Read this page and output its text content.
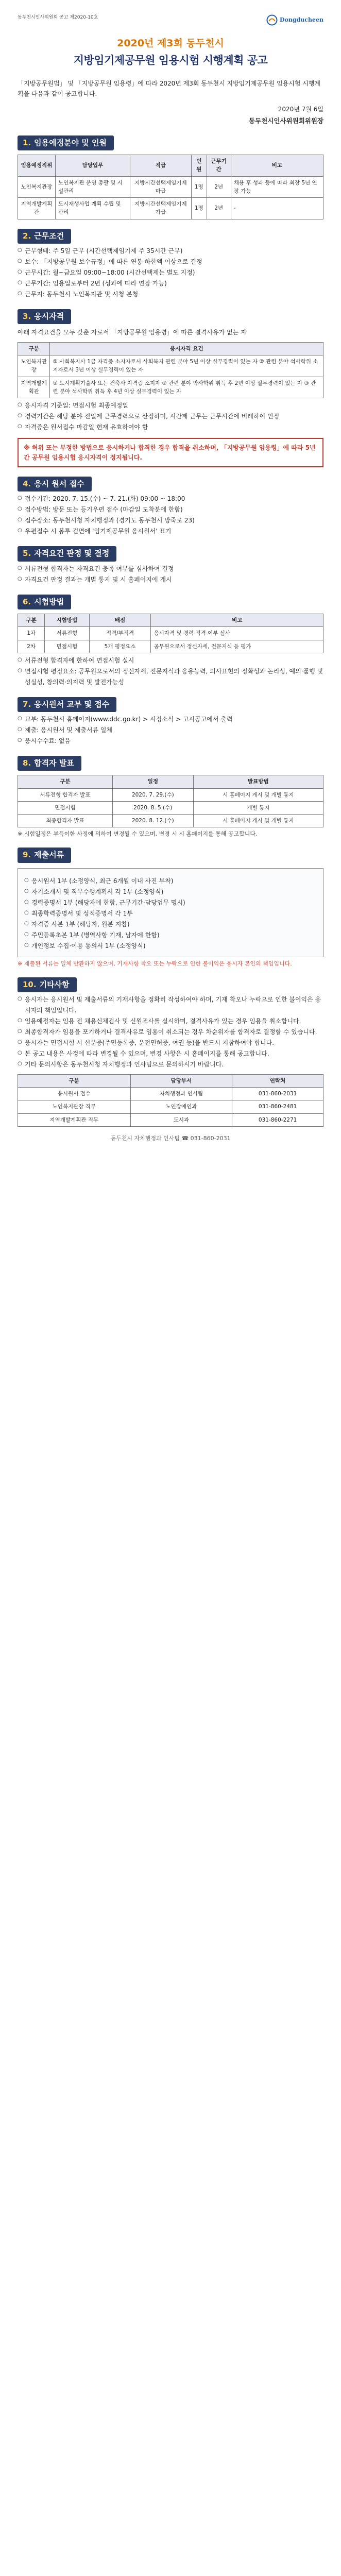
동두천시인사위원회 공고 제2020-10호	Dongducheen
2020년 제3회 동두천시
지방임기제공무원 임용시험 시행계획 공고

「지방공무원법」 및 「지방공무원 임용령」에 따라 2020년 제3회 동두천시 지방임기제공무원 임용시험 시행계획을 다음과 같이 공고합니다.

2020년 7월 6일
동두천시인사위원회위원장
1. 임용예정분야 및 인원
임용예정직위	담당업무	직급	인원	근무기간	비고
노인복지관장	노인복지관 운영 총괄 및 시설관리	지방시간선택제임기제 마급	1명	2년	채용 후 성과 등에 따라 최장 5년 연장 가능
지역개발계획관	도시재생사업 계획 수립 및 관리	지방시간선택제임기제 가급	1명	2년	-
2. 근무조건
○ 근무형태: 주 5일 근무 (시간선택제임기제 주 35시간 근무)
○ 보수: 「지방공무원 보수규정」에 따른 연봉 하한액 이상으로 결정
○ 근무시간: 월~금요일 09:00~18:00 (시간선택제는 별도 지정)
○ 근무기간: 임용일로부터 2년 (성과에 따라 연장 가능)
○ 근무지: 동두천시 노인복지관 및 시청 본청
3. 응시자격

아래 자격요건을 모두 갖춘 자로서 「지방공무원 임용령」에 따른 결격사유가 없는 자

구분	응시자격 요건
노인복지관장	① 사회복지사 1급 자격증 소지자로서 사회복지 관련 분야 5년 이상 실무경력이 있는 자 ② 관련 분야 석사학위 소지자로서 3년 이상 실무경력이 있는 자
지역개발계획관	① 도시계획기술사 또는 건축사 자격증 소지자 ② 관련 분야 박사학위 취득 후 2년 이상 실무경력이 있는 자 ③ 관련 분야 석사학위 취득 후 4년 이상 실무경력이 있는 자
○ 응시자격 기준일: 면접시험 최종예정일
○ 경력기간은 해당 분야 전일제 근무경력으로 산정하며, 시간제 근무는 근무시간에 비례하여 인정
○ 자격증은 원서접수 마감일 현재 유효하여야 함

※ 허위 또는 부정한 방법으로 응시하거나 합격한 경우 합격을 취소하며, 「지방공무원 임용령」에 따라 5년간 공무원 임용시험 응시자격이 정지됩니다.

4. 응시 원서 접수
○ 접수기간: 2020. 7. 15.(수) ~ 7. 21.(화) 09:00 ~ 18:00
○ 접수방법: 방문 또는 등기우편 접수 (마감일 도착분에 한함)
○ 접수장소: 동두천시청 자치행정과 (경기도 동두천시 방죽로 23)
○ 우편접수 시 봉투 겉면에 '임기제공무원 응시원서' 표기
5. 자격요건 판정 및 결정
○ 서류전형 합격자는 자격요건 충족 여부를 심사하여 결정
○ 자격요건 판정 결과는 개별 통지 및 시 홈페이지에 게시
6. 시험방법
구분	시험방법	배점	비고
1차	서류전형	적격/부적격	응시자격 및 경력 적격 여부 심사
2차	면접시험	5개 평정요소	공무원으로서 정신자세, 전문지식 등 평가
○ 서류전형 합격자에 한하여 면접시험 실시
○ 면접시험 평정요소: 공무원으로서의 정신자세, 전문지식과 응용능력, 의사표현의 정확성과 논리성, 예의·품행 및 성실성, 창의력·의지력 및 발전가능성
7. 응시원서 교부 및 접수
○ 교부: 동두천시 홈페이지(www.ddc.go.kr) > 시정소식 > 고시공고에서 출력
○ 제출: 응시원서 및 제출서류 일체
○ 응시수수료: 없음
8. 합격자 발표
구분	일정	발표방법
서류전형 합격자 발표	2020. 7. 29.(수)	시 홈페이지 게시 및 개별 통지
면접시험	2020. 8. 5.(수)	개별 통지
최종합격자 발표	2020. 8. 12.(수)	시 홈페이지 게시 및 개별 통지

※ 시험일정은 부득이한 사정에 의하여 변경될 수 있으며, 변경 시 시 홈페이지를 통해 공고합니다.

9. 제출서류
○ 응시원서 1부 (소정양식, 최근 6개월 이내 사진 부착)
○ 자기소개서 및 직무수행계획서 각 1부 (소정양식)
○ 경력증명서 1부 (해당자에 한함, 근무기간·담당업무 명시)
○ 최종학력증명서 및 성적증명서 각 1부
○ 자격증 사본 1부 (해당자, 원본 지참)
○ 주민등록초본 1부 (병역사항 기재, 남자에 한함)
○ 개인정보 수집·이용 동의서 1부 (소정양식)

※ 제출된 서류는 일체 반환하지 않으며, 기재사항 착오 또는 누락으로 인한 불이익은 응시자 본인의 책임입니다.

10. 기타사항
○ 응시자는 응시원서 및 제출서류의 기재사항을 정확히 작성하여야 하며, 기재 착오나 누락으로 인한 불이익은 응시자의 책임입니다.
○ 임용예정자는 임용 전 채용신체검사 및 신원조사를 실시하며, 결격사유가 있는 경우 임용을 취소합니다.
○ 최종합격자가 임용을 포기하거나 결격사유로 임용이 취소되는 경우 차순위자를 합격자로 결정할 수 있습니다.
○ 응시자는 면접시험 시 신분증(주민등록증, 운전면허증, 여권 등)을 반드시 지참하여야 합니다.
○ 본 공고 내용은 사정에 따라 변경될 수 있으며, 변경 사항은 시 홈페이지를 통해 공고합니다.
○ 기타 문의사항은 동두천시청 자치행정과 인사팀으로 문의하시기 바랍니다.
구분	담당부서	연락처
응시원서 접수	자치행정과 인사팀	031-860-2031
노인복지관장 직무	노인장애인과	031-860-2481
지역개발계획관 직무	도시과	031-860-2271

동두천시 자치행정과 인사팀 ☎ 031-860-2031
